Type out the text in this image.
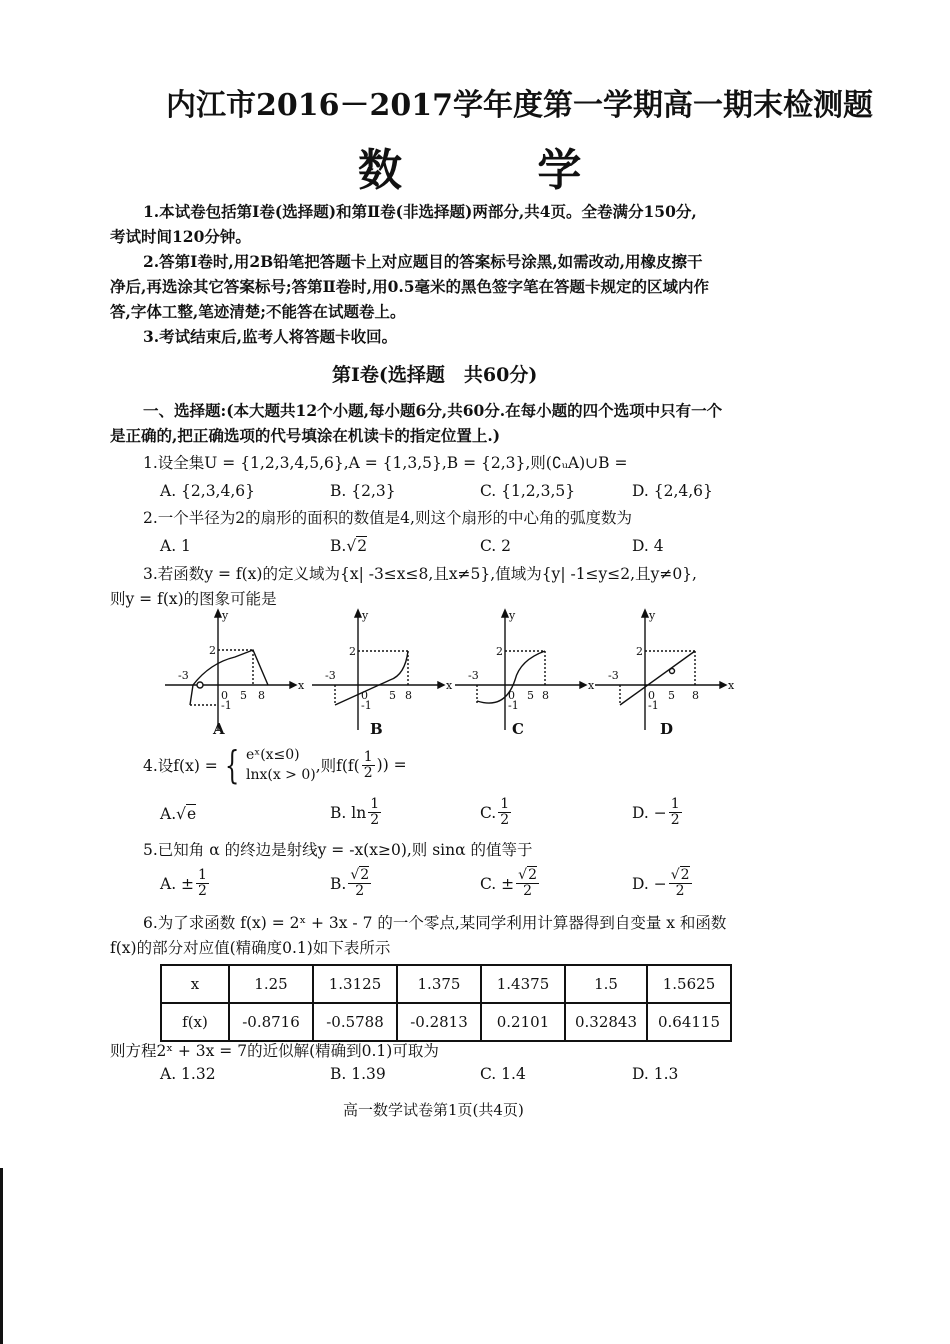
内江市2016－2017学年度第一学期高一期末检测题
数 学
1.本试卷包括第Ⅰ卷(选择题)和第Ⅱ卷(非选择题)两部分,共4页。全卷满分150分,
考试时间120分钟。
2.答第Ⅰ卷时,用2B铅笔把答题卡上对应题目的答案标号涂黑,如需改动,用橡皮擦干
净后,再选涂其它答案标号;答第Ⅱ卷时,用0.5毫米的黑色签字笔在答题卡规定的区域内作
答,字体工整,笔迹清楚;不能答在试题卷上。
3.考试结束后,监考人将答题卡收回。
第Ⅰ卷(选择题　共60分)
一、选择题:(本大题共12个小题,每小题6分,共60分.在每小题的四个选项中只有一个
是正确的,把正确选项的代号填涂在机读卡的指定位置上.)
1.设全集U = {1,2,3,4,5,6},A = {1,3,5},B = {2,3},则(∁ᵤA)∪B =
A. {2,3,4,6}	B. {2,3}	C. {1,2,3,5}	D. {2,4,6}
2.一个半径为2的扇形的面积的数值是4,则这个扇形的中心角的弧度数为
A. 1	B.√2	C. 2	D. 4
3.若函数y = f(x)的定义域为{x| -3≤x≤8,且x≠5},值域为{y| -1≤y≤2,且y≠0},
则y = f(x)的图象可能是
x
y
-3
0 5 8
2
-1
x
y
-3
0 5 8
2
-1
x
y
-3
0 5 8
2
-1
x
y
-3
0 5 8
2
-1
A	B	C	D
4.设f(x) = { eˣ(x≤0)
lnx(x > 0) ,则$f(f( \frac{1}{2}$ )) =
A.√e	B. $\ln \frac{1}{2}$	C. $\frac{1}{2}$	D. − $\frac{1}{2}$
5.已知角 α 的终边是射线y = -x(x≥0),则 sinα 的值等于
A. ± $\frac{1}{2}$	B. $\frac{√2}{2}$	C. ± $\frac{√2}{2}$	D. − $\frac{√2}{2}$
6.为了求函数 f(x) = 2ˣ + 3x - 7 的一个零点,某同学利用计算器得到自变量 x 和函数
f(x)的部分对应值(精确度0.1)如下表所示
x	1.25	1.3125	1.375	1.4375	1.5	1.5625
f(x)	-0.8716	-0.5788	-0.2813	0.2101	0.32843	0.64115
则方程2ˣ + 3x = 7的近似解(精确到0.1)可取为
A. 1.32	B. 1.39	C. 1.4	D. 1.3
高一数学试卷第1页(共4页)
